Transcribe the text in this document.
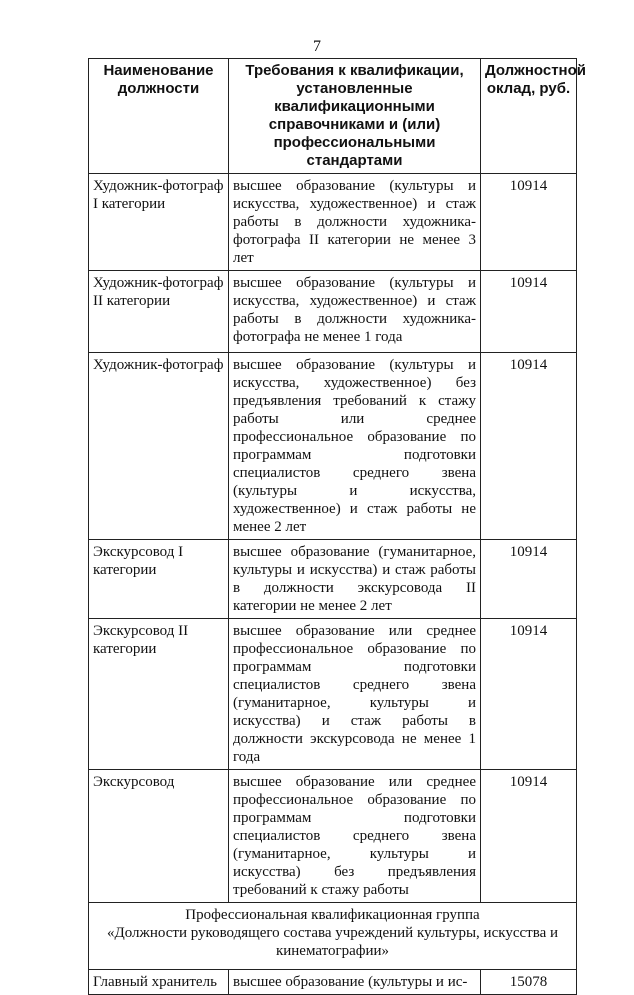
7
Наименование должности	Требования к квалификации, установленные квалификационными справочниками и (или) профессиональными стандартами	Должностной оклад, руб.
Художник-фотограф I категории	высшее образование (культуры и искусства, художественное) и стаж работы в должности художника-фотографа II категории не менее 3 лет	10914
Художник-фотограф II категории	высшее образование (культуры и искусства, художественное) и стаж работы в должности художника-фотографа не менее 1 года	10914
Художник-фотограф	высшее образование (культуры и искусства, художественное) без предъявления требований к стажу работы или среднее профессиональное образование по программам подготовки специалистов среднего звена (культуры и искусства, художественное) и стаж работы не менее 2 лет	10914
Экскурсовод I категории	высшее образование (гуманитарное, культуры и искусства) и стаж работы в должности экскурсовода II категории не менее 2 лет	10914
Экскурсовод II категории	высшее образование или среднее профессиональное образование по программам подготовки специалистов среднего звена (гуманитарное, культуры и искусства) и стаж работы в должности экскурсовода не менее 1 года	10914
Экскурсовод	высшее образование или среднее профессиональное образование по программам подготовки специалистов среднего звена (гуманитарное, культуры и искусства) без предъявления требований к стажу работы	10914

Профессиональная квалификационная группа
«Должности руководящего состава учреждений культуры, искусства и кинематографии»		

Главный хранитель	высшее образование (культуры и ис-	15078
